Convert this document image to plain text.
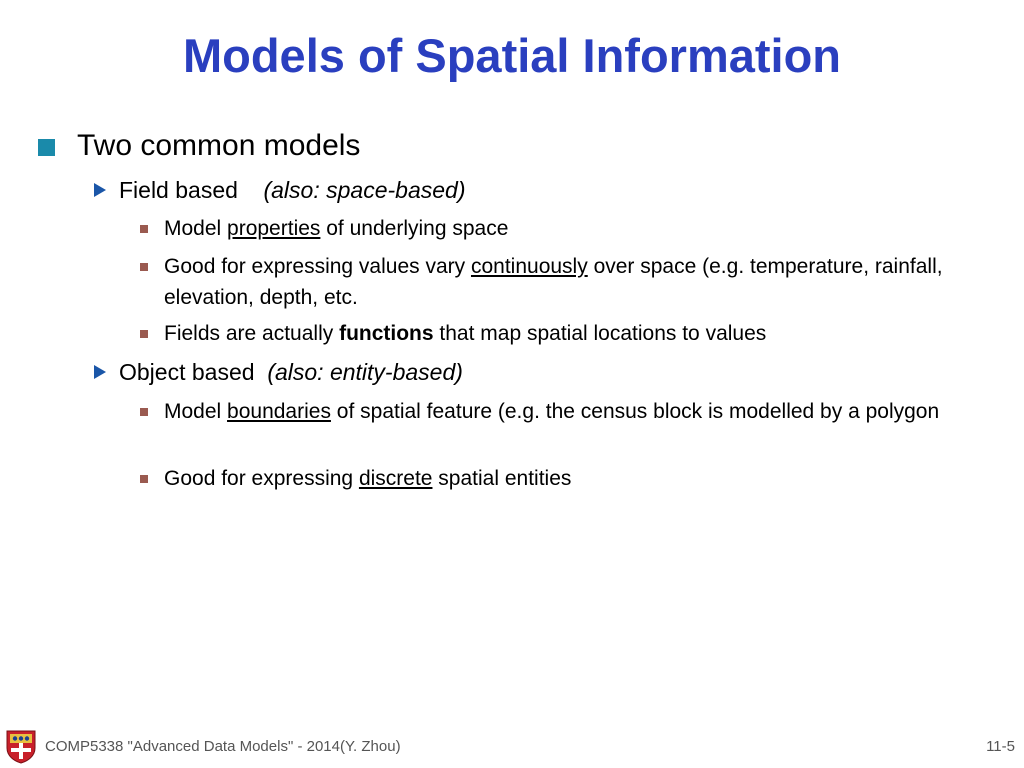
Models of Spatial Information
Two common models
Field based (also: space-based)
Model properties of underlying space
Good for expressing values vary continuously over space (e.g. temperature, rainfall, elevation, depth, etc.
Fields are actually functions that map spatial locations to values
Object based (also: entity-based)
Model boundaries of spatial feature (e.g. the census block is modelled by a polygon
Good for expressing discrete spatial entities
COMP5338 "Advanced Data Models" - 2014(Y. Zhou)	11-5
